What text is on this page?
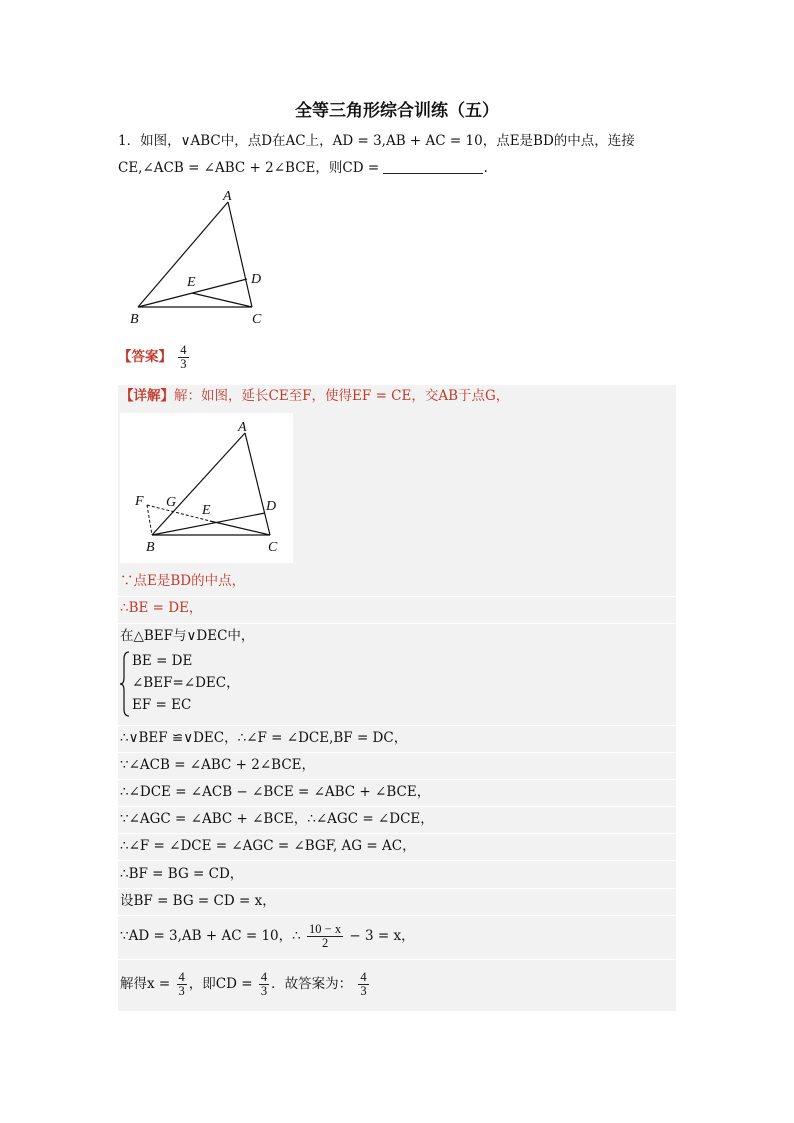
全等三角形综合训练（五）
1．如图，∨ABC中，点D在AC上，AD = 3,AB + AC = 10，点E是BD的中点，连接
CE,∠ACB = ∠ABC + 2∠BCE，则CD =	.
A
B	C
D
E
【答案】 $\frac{4}{3}$
【详解】解：如图，延长CE至F，使得EF = CE，交AB于点G，
A
B	C
D
E
F G
∵点E是BD的中点，
∴BE = DE，
在△BEF与∨DEC中，
BE = DE
∠BEF=∠DEC，
EF = EC
∴∨BEF ≌∨DEC，∴∠F = ∠DCE,BF = DC，
∵∠ACB = ∠ABC + 2∠BCE，
∴∠DCE = ∠ACB − ∠BCE = ∠ABC + ∠BCE，
∵∠AGC = ∠ABC + ∠BCE，∴∠AGC = ∠DCE，
∴∠F = ∠DCE = ∠AGC = ∠BGF, AG = AC，
∴BF = BG = CD，
设BF = BG = CD = x，
∵AD = 3,AB + AC = 10，∴ $\frac{10 - x}{2} - 3 = x$，
解得$x = \frac{4}{3}$ ，即CD = $\frac{4}{3}$ ．故答案为： $\frac{4}{3}$
